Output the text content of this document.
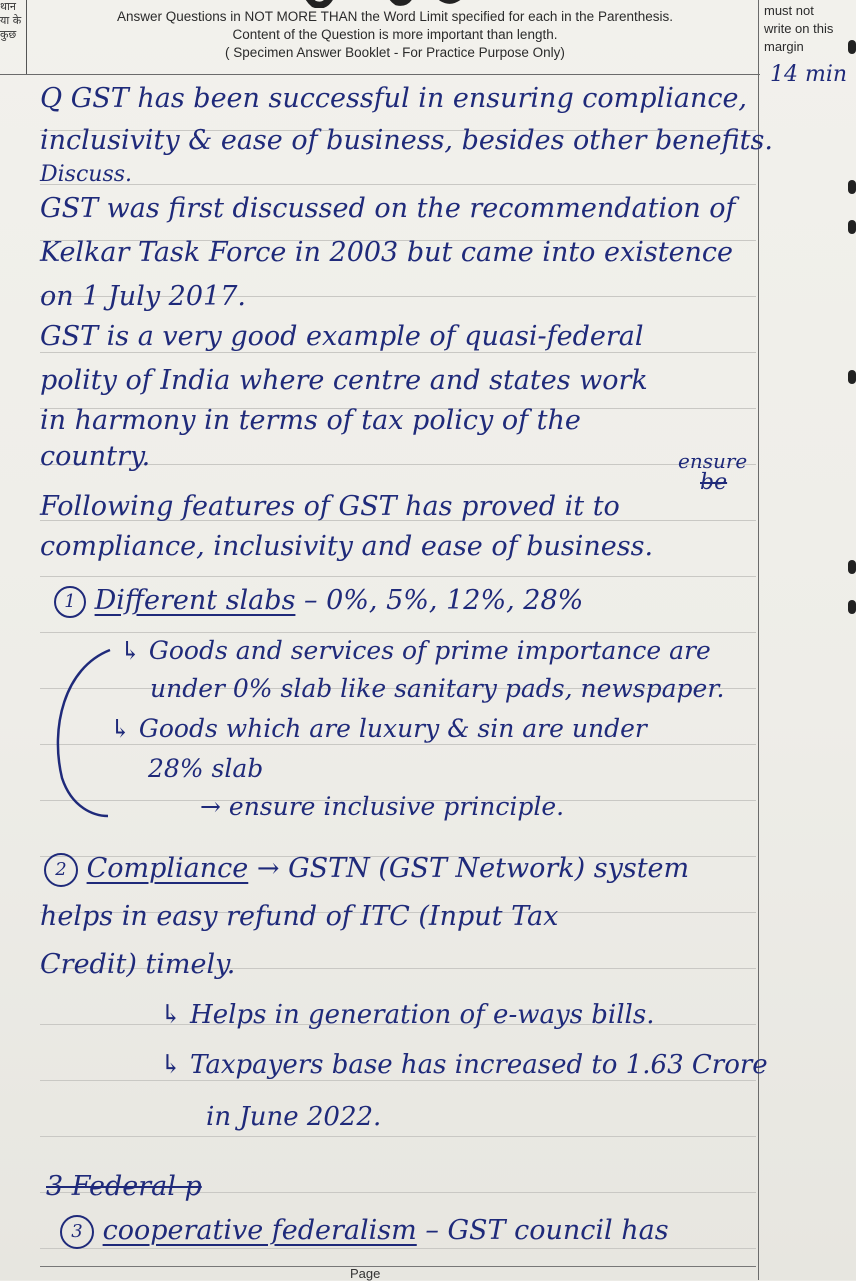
थान
या के
कुछ
Answer Questions in NOT MORE THAN the Word Limit specified for each in the Parenthesis.
Content of the Question is more important than length.
( Specimen Answer Booklet - For Practice Purpose Only)
must not
write on this
margin
14 min
Q GST has been successful in ensuring compliance,
inclusivity & ease of business, besides other benefits.
Discuss.
GST was first discussed on the recommendation of
Kelkar Task Force in 2003 but came into existence
on 1 July 2017.
GST is a very good example of quasi-federal
polity of India where centre and states work
in harmony in terms of tax policy of the
country.	ensure
be
Following features of GST has proved it to
compliance, inclusivity and ease of business.
1 Different slabs – 0%, 5%, 12%, 28%
↳ Goods and services of prime importance are
under 0% slab like sanitary pads, newspaper.
↳ Goods which are luxury & sin are under
28% slab
→ ensure inclusive principle.
2 Compliance → GSTN (GST Network) system
helps in easy refund of ITC (Input Tax
Credit) timely.
↳ Helps in generation of e-ways bills.
↳ Taxpayers base has increased to 1.63 Crore
in June 2022.
3 Federal p
3 cooperative federalism – GST council has
Page
